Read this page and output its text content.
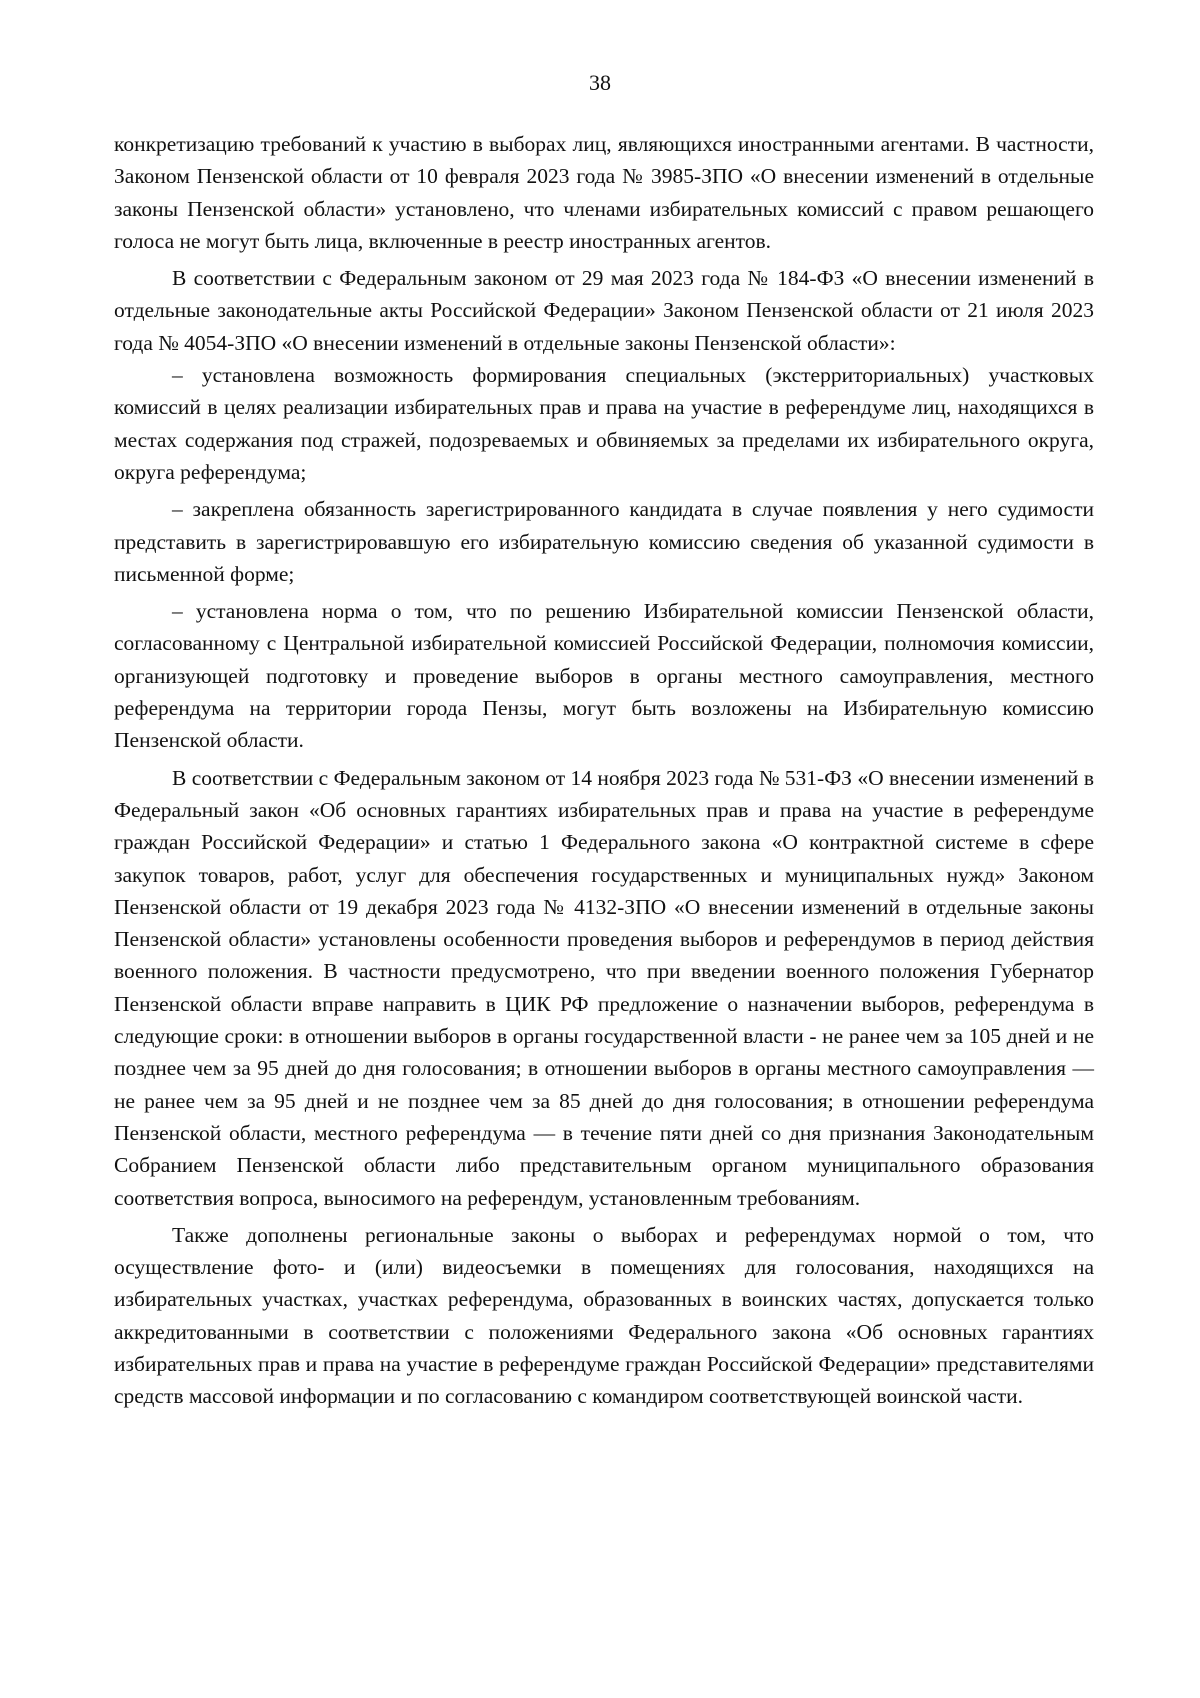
38

конкретизацию требований к участию в выборах лиц, являющихся иностранными агентами. В частности, Законом Пензенской области от 10 февраля 2023 года № 3985-ЗПО «О внесении изменений в отдельные законы Пензенской области» установлено, что членами избирательных комиссий с правом решающего голоса не могут быть лица, включенные в реестр иностранных агентов.

В соответствии с Федеральным законом от 29 мая 2023 года № 184-ФЗ «О внесении изменений в отдельные законодательные акты Российской Федерации» Законом Пензенской области от 21 июля 2023 года № 4054-ЗПО «О внесении изменений в отдельные законы Пензенской области»:

– установлена возможность формирования специальных (экстерриториальных) участковых комиссий в целях реализации избирательных прав и права на участие в референдуме лиц, находящихся в местах содержания под стражей, подозреваемых и обвиняемых за пределами их избирательного округа, округа референдума;

– закреплена обязанность зарегистрированного кандидата в случае появления у него судимости представить в зарегистрировавшую его избирательную комиссию сведения об указанной судимости в письменной форме;

– установлена норма о том, что по решению Избирательной комиссии Пензенской области, согласованному с Центральной избирательной комиссией Российской Федерации, полномочия комиссии, организующей подготовку и проведение выборов в органы местного самоуправления, местного референдума на территории города Пензы, могут быть возложены на Избирательную комиссию Пензенской области.

В соответствии с Федеральным законом от 14 ноября 2023 года № 531-ФЗ «О внесении изменений в Федеральный закон «Об основных гарантиях избирательных прав и права на участие в референдуме граждан Российской Федерации» и статью 1 Федерального закона «О контрактной системе в сфере закупок товаров, работ, услуг для обеспечения государственных и муниципальных нужд» Законом Пензенской области от 19 декабря 2023 года № 4132-ЗПО «О внесении изменений в отдельные законы Пензенской области» установлены особенности проведения выборов и референдумов в период действия военного положения. В частности предусмотрено, что при введении военного положения Губернатор Пензенской области вправе направить в ЦИК РФ предложение о назначении выборов, референдума в следующие сроки: в отношении выборов в органы государственной власти - не ранее чем за 105 дней и не позднее чем за 95 дней до дня голосования; в отношении выборов в органы местного самоуправления — не ранее чем за 95 дней и не позднее чем за 85 дней до дня голосования; в отношении референдума Пензенской области, местного референдума — в течение пяти дней со дня признания Законодательным Собранием Пензенской области либо представительным органом муниципального образования соответствия вопроса, выносимого на референдум, установленным требованиям.

Также дополнены региональные законы о выборах и референдумах нормой о том, что осуществление фото- и (или) видеосъемки в помещениях для голосования, находящихся на избирательных участках, участках референдума, образованных в воинских частях, допускается только аккредитованными в соответствии с положениями Федерального закона «Об основных гарантиях избирательных прав и права на участие в референдуме граждан Российской Федерации» представителями средств массовой информации и по согласованию с командиром соответствующей воинской части.
